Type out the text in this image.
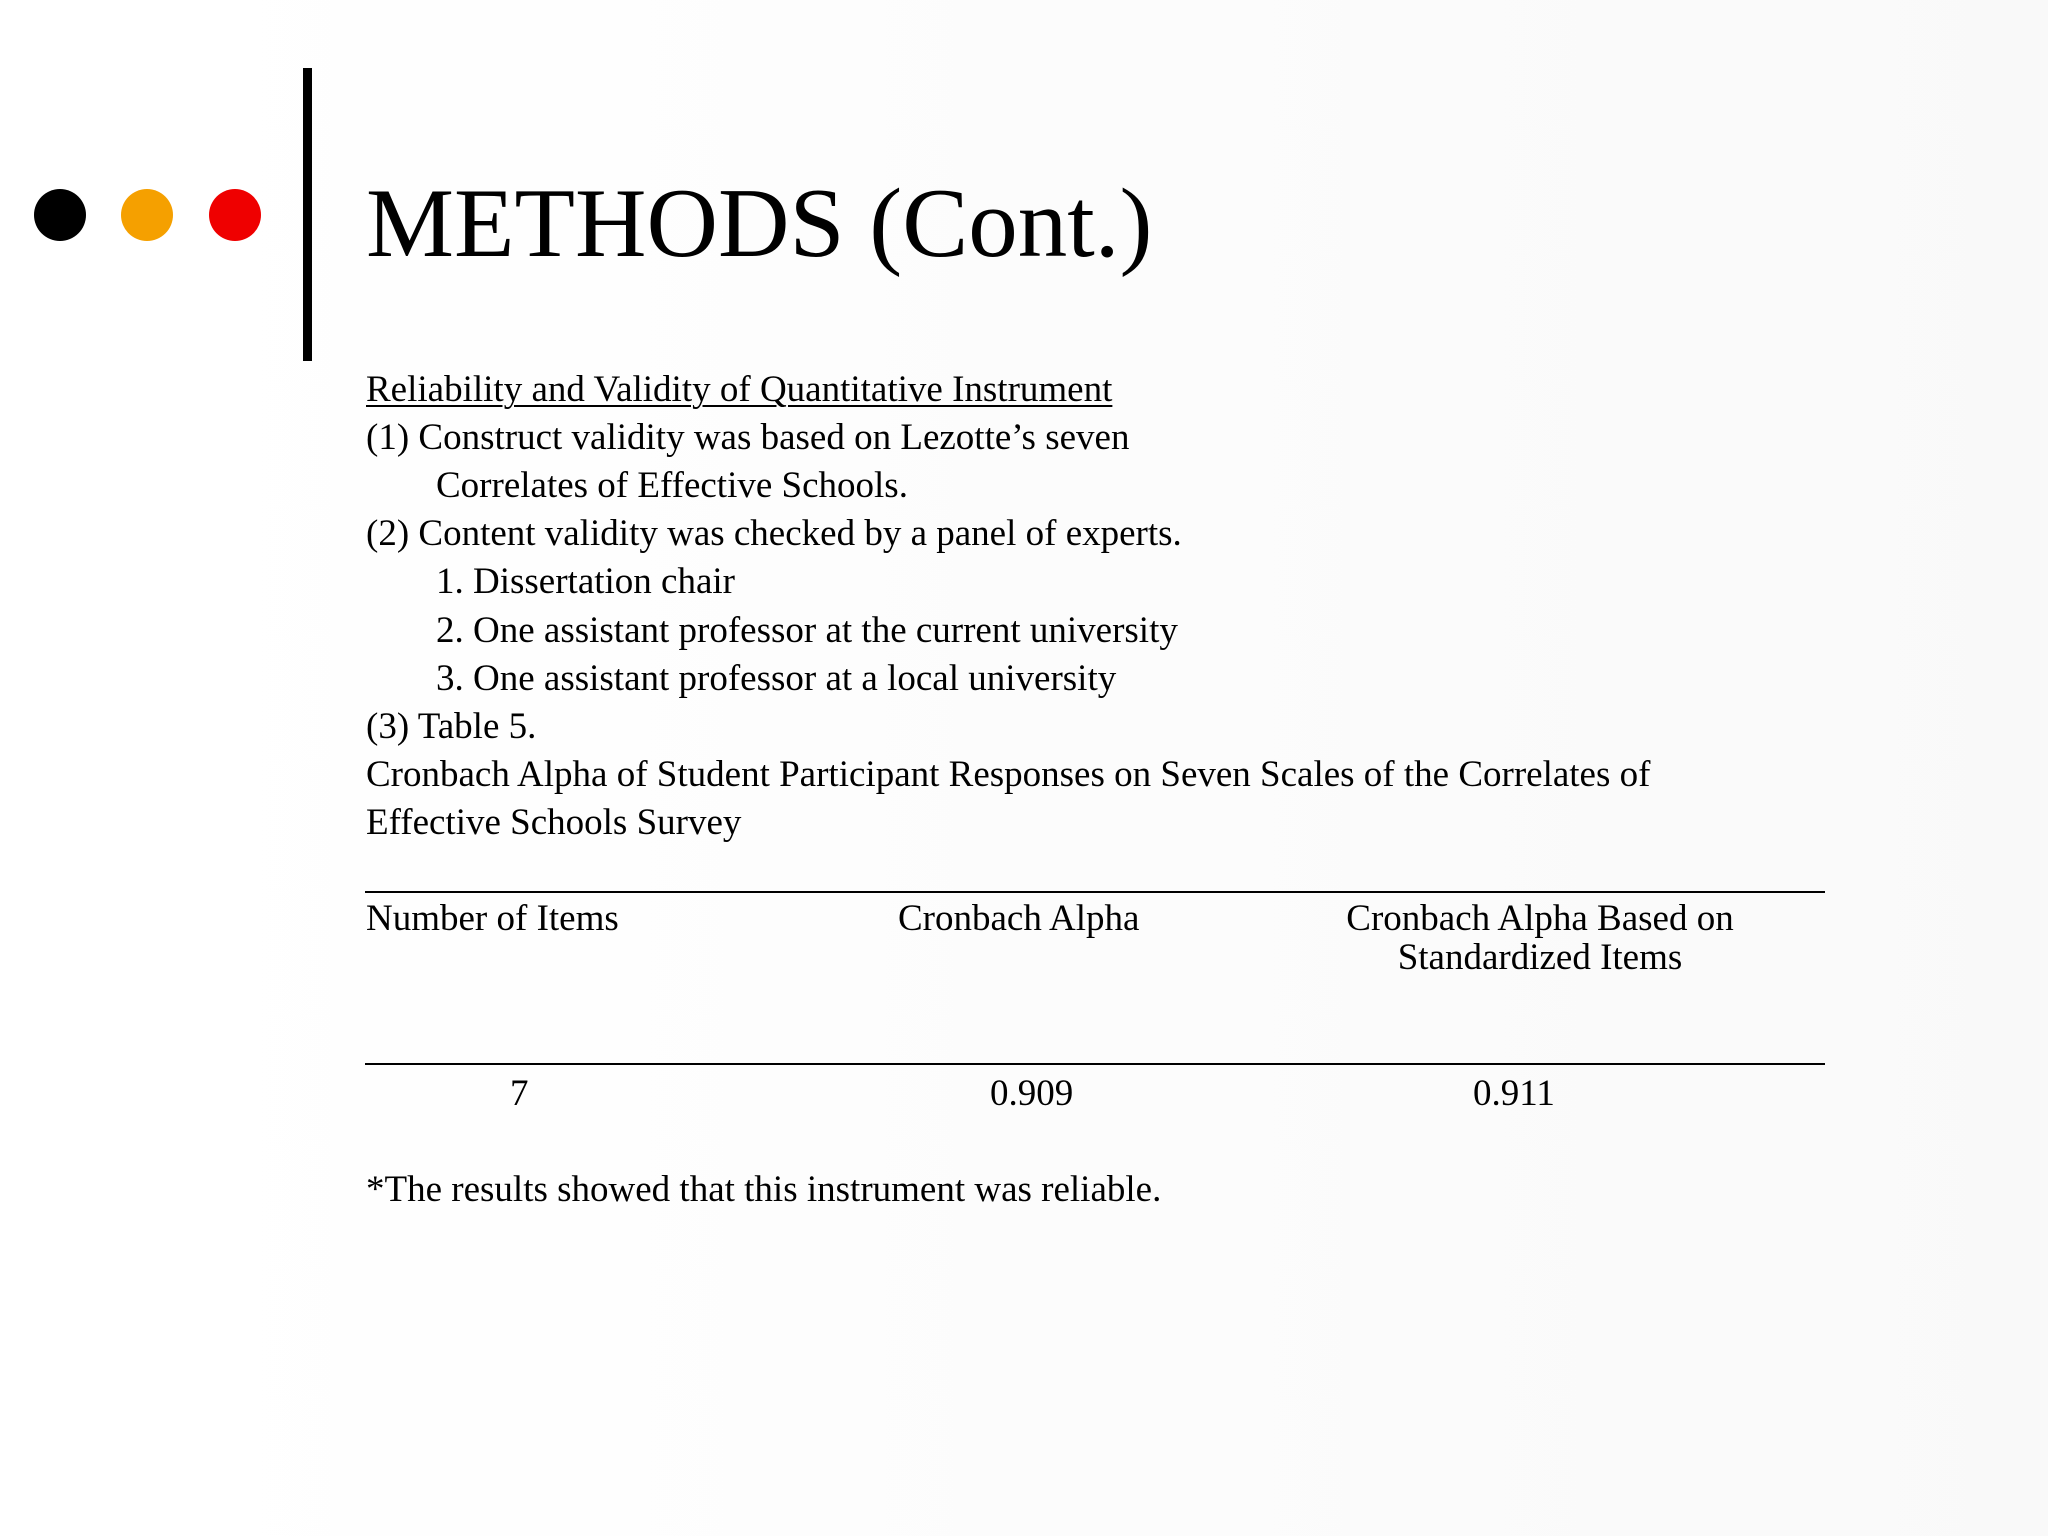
METHODS (Cont.)
Reliability and Validity of Quantitative Instrument
(1) Construct validity was based on Lezotte’s seven
Correlates of Effective Schools.
(2) Content validity was checked by a panel of experts.
1. Dissertation chair
2. One assistant professor at the current university
3. One assistant professor at a local university
(3) Table 5.
Cronbach Alpha of Student Participant Responses on Seven Scales of the Correlates of
Effective Schools Survey
Number of Items	Cronbach Alpha	Cronbach Alpha Based on Standardized Items
7	0.909	0.911
*The results showed that this instrument was reliable.
